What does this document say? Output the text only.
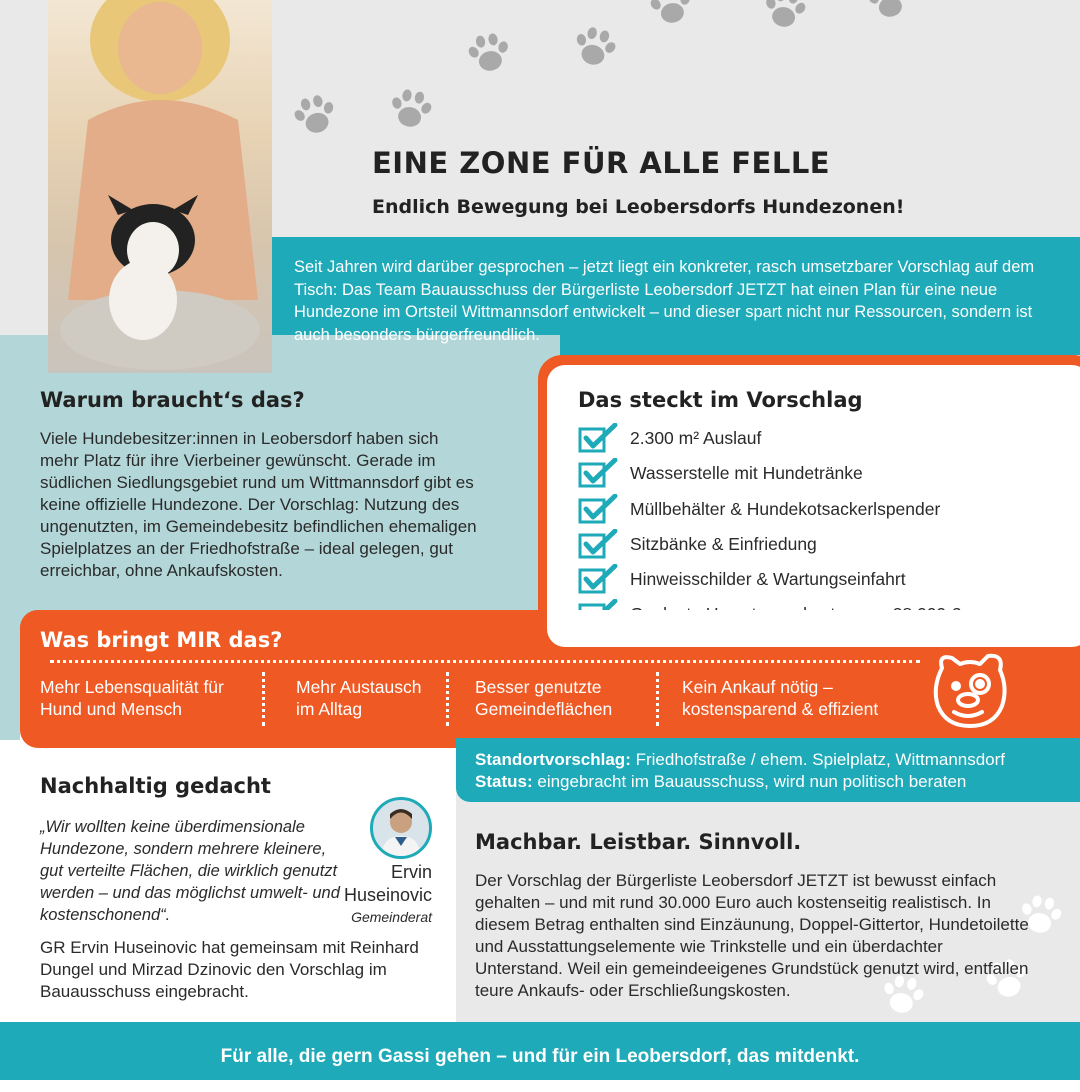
EINE ZONE FÜR ALLE FELLE
Endlich Bewegung bei Leobersdorfs Hundezonen!
Seit Jahren wird darüber gesprochen – jetzt liegt ein konkreter, rasch umsetzbarer Vorschlag auf dem Tisch: Das Team Bauausschuss der Bürgerliste Leobersdorf JETZT hat einen Plan für eine neue Hundezone im Ortsteil Wittmannsdorf entwickelt – und dieser spart nicht nur Ressourcen, sondern ist auch besonders bürgerfreundlich.
Warum braucht‘s das?
Viele Hundebesitzer:innen in Leobersdorf haben sich mehr Platz für ihre Vierbeiner gewünscht. Gerade im südlichen Siedlungsgebiet rund um Wittmannsdorf gibt es keine offizielle Hundezone. Der Vorschlag: Nutzung des ungenutzten, im Gemeindebesitz befindlichen ehemaligen Spielplatzes an der Friedhofstraße – ideal gelegen, gut erreichbar, ohne Ankaufskosten.
Das steckt im Vorschlag
2.300 m² Auslauf
Wasserstelle mit Hundetränke
Müllbehälter & Hundekotsackerlspender
Sitzbänke & Einfriedung
Hinweisschilder & Wartungseinfahrt
Was bringt MIR das?
Mehr Lebensqualität für Hund und Mensch
Mehr Austausch im Alltag
Besser genutzte Gemeindeflächen
Kein Ankauf nötig – kostensparend & effizient
Standortvorschlag: Friedhofstraße / ehem. Spielplatz, Wittmannsdorf
Status: eingebracht im Bauausschuss, wird nun politisch beraten
Nachhaltig gedacht
„Wir wollten keine überdimensionale Hundezone, sondern mehrere kleinere, gut verteilte Flächen, die wirklich genutzt werden – und das möglichst umwelt- und kostenschonend“.
Ervin
Huseinovic
Gemeinderat
GR Ervin Huseinovic hat gemeinsam mit Reinhard Dungel und Mirzad Dzinovic den Vorschlag im Bauausschuss eingebracht.
Machbar. Leistbar. Sinnvoll.
Der Vorschlag der Bürgerliste Leobersdorf JETZT ist bewusst einfach gehalten – und mit rund 30.000 Euro auch kostenseitig realistisch. In diesem Betrag enthalten sind Einzäunung, Doppel-Gittertor, Hundetoilette und Ausstattungselemente wie Trinkstelle und ein überdachter Unterstand. Weil ein gemeindeeigenes Grundstück genutzt wird, entfallen teure Ankaufs- oder Erschließungskosten.
Für alle, die gern Gassi gehen – und für ein Leobersdorf, das mitdenkt.
